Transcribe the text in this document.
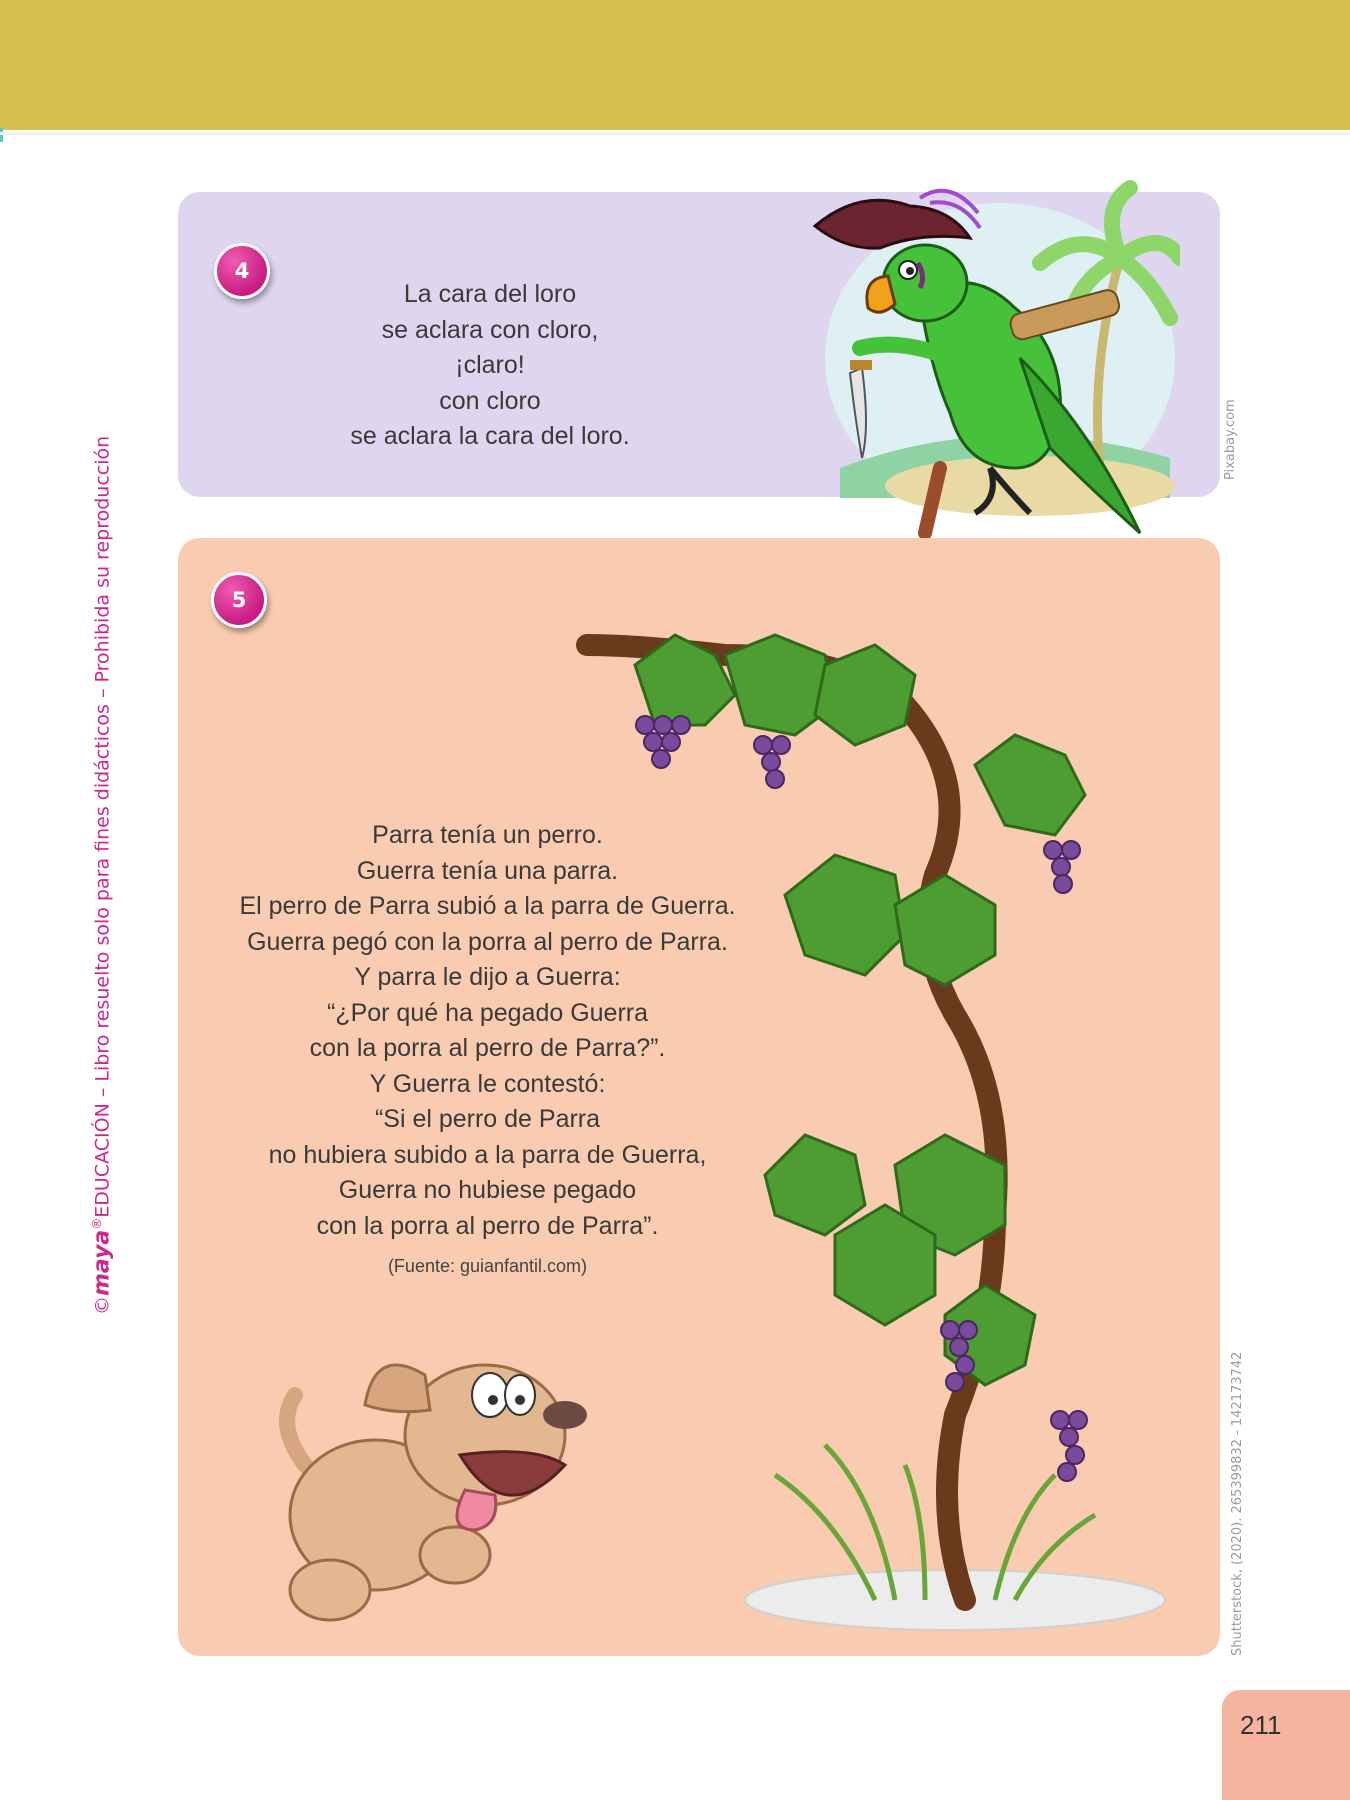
©maya®EDUCACIÓN – Libro resuelto solo para fines didácticos – Prohibida su reproducción
4
La cara del loro
se aclara con cloro,
¡claro!
con cloro
se aclara la cara del loro.	Pixabay.com
5
Parra tenía un perro.
Guerra tenía una parra.
El perro de Parra subió a la parra de Guerra.
Guerra pegó con la porra al perro de Parra.
Y parra le dijo a Guerra:
“¿Por qué ha pegado Guerra
con la porra al perro de Parra?”.
Y Guerra le contestó:
“Si el perro de Parra
no hubiera subido a la parra de Guerra,
Guerra no hubiese pegado
con la porra al perro de Parra”.
(Fuente: guianfantil.com)
Shutterstock, (2020). 265399832 - 142173742
211
